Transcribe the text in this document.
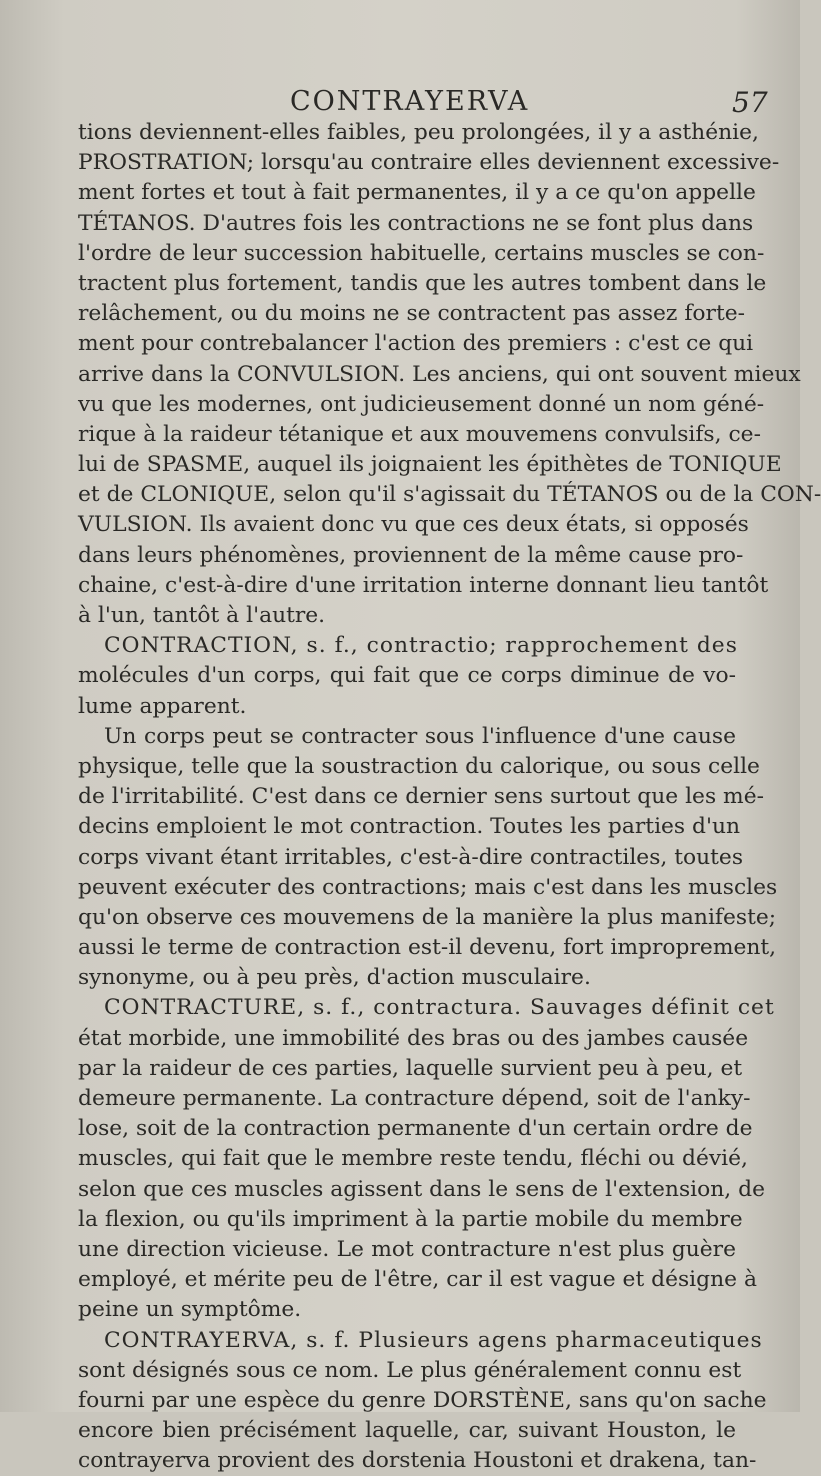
CONTRAYERVA	57
tions deviennent-elles faibles, peu prolongées, il y a asthénie,
PROSTRATION; lorsqu'au contraire elles deviennent excessive-
ment fortes et tout à fait permanentes, il y a ce qu'on appelle
TÉTANOS. D'autres fois les contractions ne se font plus dans
l'ordre de leur succession habituelle, certains muscles se con-
tractent plus fortement, tandis que les autres tombent dans le
relâchement, ou du moins ne se contractent pas assez forte-
ment pour contrebalancer l'action des premiers : c'est ce qui
arrive dans la CONVULSION. Les anciens, qui ont souvent mieux
vu que les modernes, ont judicieusement donné un nom géné-
rique à la raideur tétanique et aux mouvemens convulsifs, ce-
lui de SPASME, auquel ils joignaient les épithètes de TONIQUE
et de CLONIQUE, selon qu'il s'agissait du TÉTANOS ou de la CON-
VULSION. Ils avaient donc vu que ces deux états, si opposés
dans leurs phénomènes, proviennent de la même cause pro-
chaine, c'est-à-dire d'une irritation interne donnant lieu tantôt
à l'un, tantôt à l'autre.
CONTRACTION, s. f., contractio; rapprochement des
molécules d'un corps, qui fait que ce corps diminue de vo-
lume apparent.
Un corps peut se contracter sous l'influence d'une cause
physique, telle que la soustraction du calorique, ou sous celle
de l'irritabilité. C'est dans ce dernier sens surtout que les mé-
decins emploient le mot contraction. Toutes les parties d'un
corps vivant étant irritables, c'est-à-dire contractiles, toutes
peuvent exécuter des contractions; mais c'est dans les muscles
qu'on observe ces mouvemens de la manière la plus manifeste;
aussi le terme de contraction est-il devenu, fort improprement,
synonyme, ou à peu près, d'action musculaire.
CONTRACTURE, s. f., contractura. Sauvages définit cet
état morbide, une immobilité des bras ou des jambes causée
par la raideur de ces parties, laquelle survient peu à peu, et
demeure permanente. La contracture dépend, soit de l'anky-
lose, soit de la contraction permanente d'un certain ordre de
muscles, qui fait que le membre reste tendu, fléchi ou dévié,
selon que ces muscles agissent dans le sens de l'extension, de
la flexion, ou qu'ils impriment à la partie mobile du membre
une direction vicieuse. Le mot contracture n'est plus guère
employé, et mérite peu de l'être, car il est vague et désigne à
peine un symptôme.
CONTRAYERVA, s. f. Plusieurs agens pharmaceutiques
sont désignés sous ce nom. Le plus généralement connu est
fourni par une espèce du genre DORSTÈNE, sans qu'on sache
encore bien précisément laquelle, car, suivant Houston, le
contrayerva provient des dorstenia Houstoni et drakena, tan-
